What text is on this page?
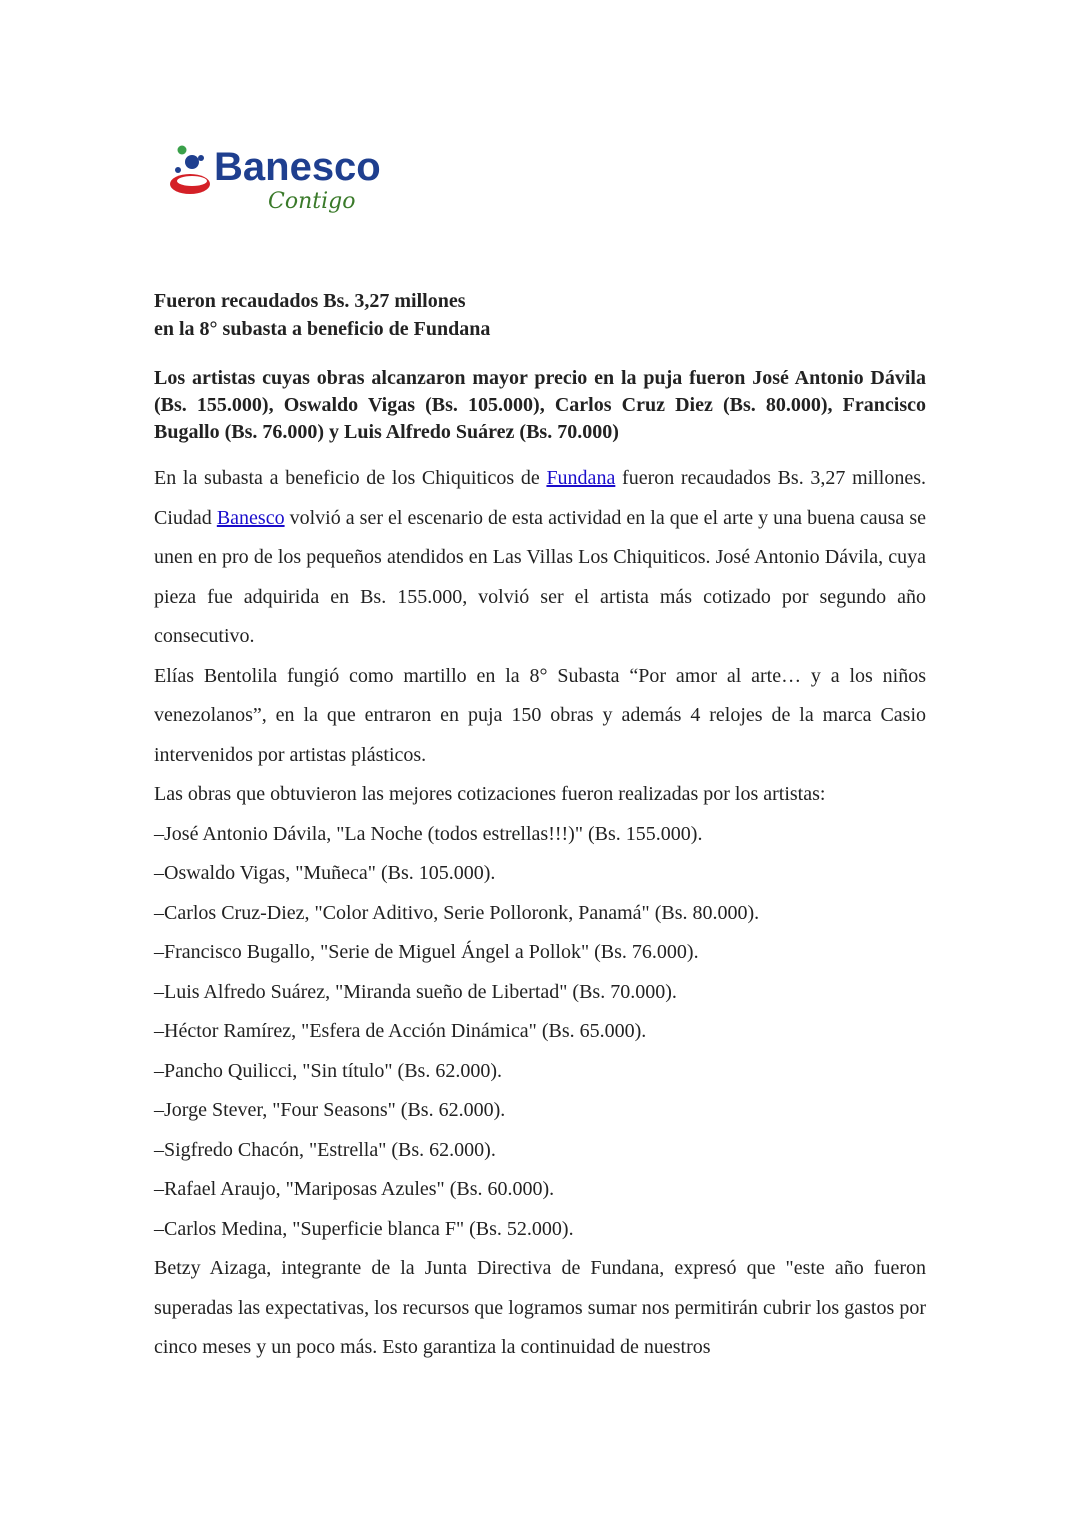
Banesco
Contigo
Fueron recaudados Bs. 3,27 millones
en la 8° subasta a beneficio de Fundana

Los artistas cuyas obras alcanzaron mayor precio en la puja fueron José Antonio Dávila (Bs. 155.000), Oswaldo Vigas (Bs. 105.000), Carlos Cruz Diez (Bs. 80.000), Francisco Bugallo (Bs. 76.000) y Luis Alfredo Suárez (Bs. 70.000)

En la subasta a beneficio de los Chiquiticos de Fundana fueron recaudados Bs. 3,27 millones. Ciudad Banesco volvió a ser el escenario de esta actividad en la que el arte y una buena causa se unen en pro de los pequeños atendidos en Las Villas Los Chiquiticos. José Antonio Dávila, cuya pieza fue adquirida en Bs. 155.000, volvió ser el artista más cotizado por segundo año consecutivo.

Elías Bentolila fungió como martillo en la 8° Subasta “Por amor al arte… y a los niños venezolanos”, en la que entraron en puja 150 obras y además 4 relojes de la marca Casio intervenidos por artistas plásticos.

Las obras que obtuvieron las mejores cotizaciones fueron realizadas por los artistas:

–José Antonio Dávila, "La Noche (todos estrellas!!!)" (Bs. 155.000).

–Oswaldo Vigas, "Muñeca" (Bs. 105.000).

–Carlos Cruz-Diez, "Color Aditivo, Serie Polloronk, Panamá" (Bs. 80.000).

–Francisco Bugallo, "Serie de Miguel Ángel a Pollok" (Bs. 76.000).

–Luis Alfredo Suárez, "Miranda sueño de Libertad" (Bs. 70.000).

–Héctor Ramírez, "Esfera de Acción Dinámica" (Bs. 65.000).

–Pancho Quilicci, "Sin título" (Bs. 62.000).

–Jorge Stever, "Four Seasons" (Bs. 62.000).

–Sigfredo Chacón, "Estrella" (Bs. 62.000).

–Rafael Araujo, "Mariposas Azules" (Bs. 60.000).

–Carlos Medina, "Superficie blanca F" (Bs. 52.000).

Betzy Aizaga, integrante de la Junta Directiva de Fundana, expresó que "este año fueron superadas las expectativas, los recursos que logramos sumar nos permitirán cubrir los gastos por cinco meses y un poco más. Esto garantiza la continuidad de nuestros
